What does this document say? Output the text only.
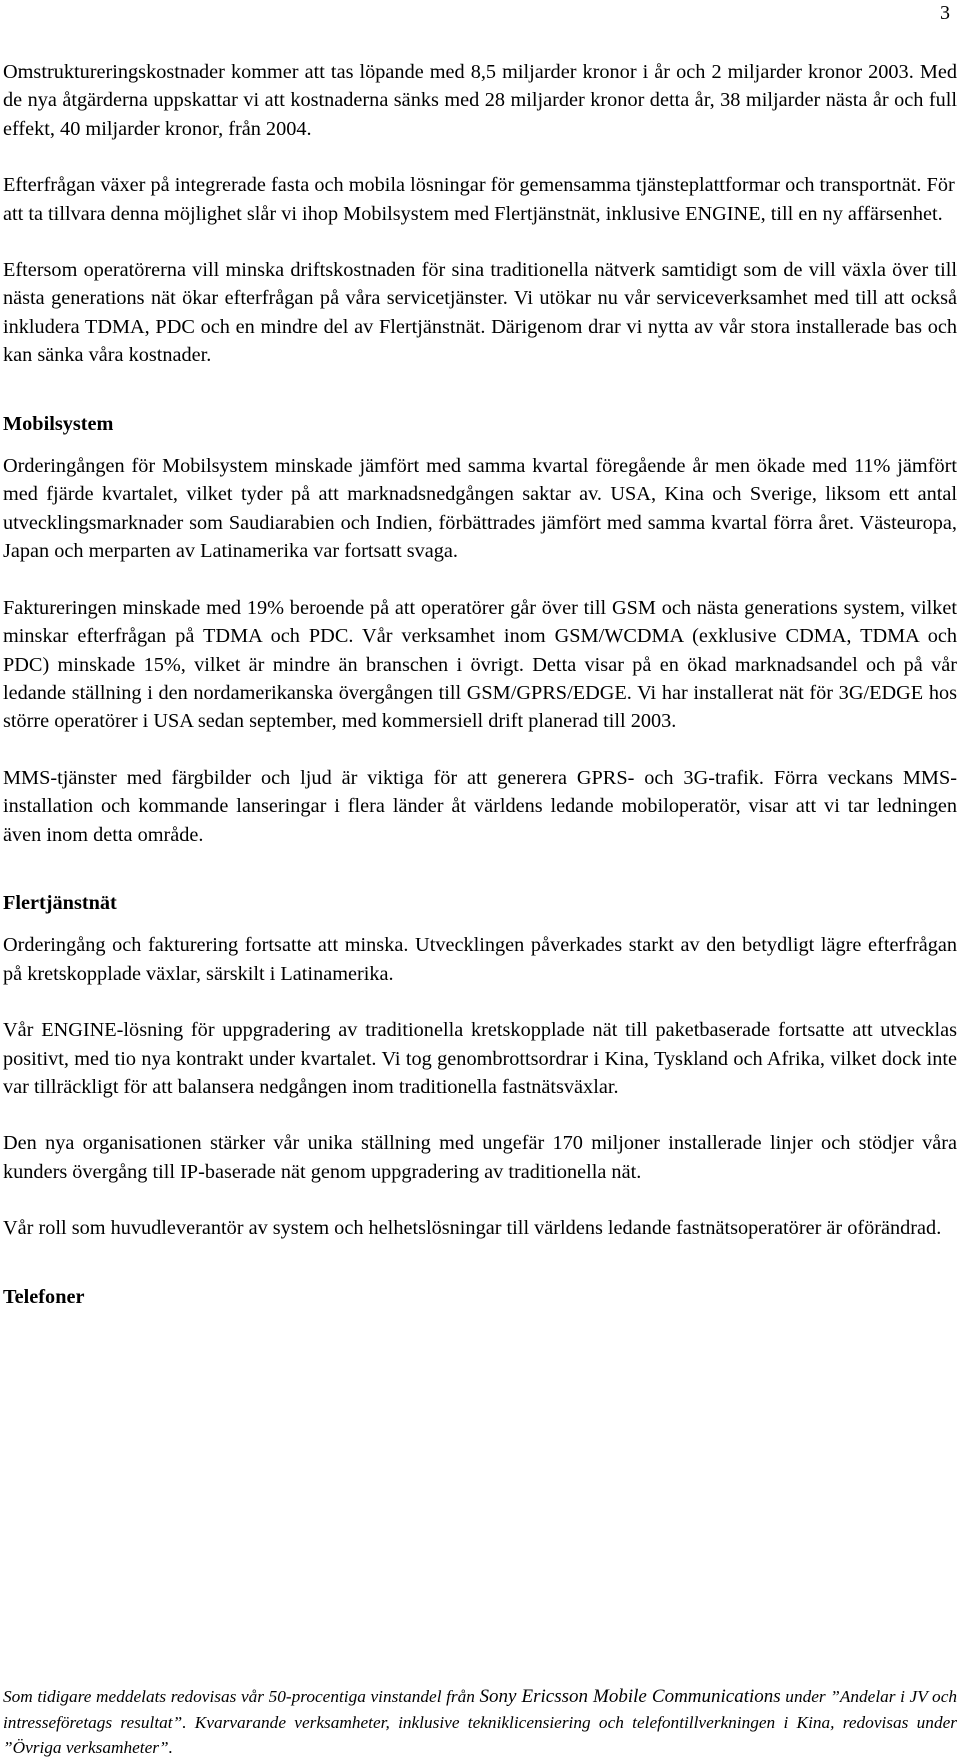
3

Omstruktureringskostnader kommer att tas löpande med 8,5 miljarder kronor i år och 2 miljarder kronor 2003. Med de nya åtgärderna uppskattar vi att kostnaderna sänks med 28 miljarder kronor detta år, 38 miljarder nästa år och full effekt, 40 miljarder kronor, från 2004.

Efterfrågan växer på integrerade fasta och mobila lösningar för gemensamma tjänsteplattformar och transportnät. För att ta tillvara denna möjlighet slår vi ihop Mobilsystem med Flertjänstnät, inklusive ENGINE, till en ny affärsenhet.

Eftersom operatörerna vill minska driftskostnaden för sina traditionella nätverk samtidigt som de vill växla över till nästa generations nät ökar efterfrågan på våra servicetjänster. Vi utökar nu vår serviceverksamhet med till att också inkludera TDMA, PDC och en mindre del av Flertjänstnät. Därigenom drar vi nytta av vår stora installerade bas och kan sänka våra kostnader.

Mobilsystem

Orderingången för Mobilsystem minskade jämfört med samma kvartal föregående år men ökade med 11% jämfört med fjärde kvartalet, vilket tyder på att marknadsnedgången saktar av. USA, Kina och Sverige, liksom ett antal utvecklingsmarknader som Saudiarabien och Indien, förbättrades jämfört med samma kvartal förra året. Västeuropa, Japan och merparten av Latinamerika var fortsatt svaga.

Faktureringen minskade med 19% beroende på att operatörer går över till GSM och nästa generations system, vilket minskar efterfrågan på TDMA och PDC. Vår verksamhet inom GSM/WCDMA (exklusive CDMA, TDMA och PDC) minskade 15%, vilket är mindre än branschen i övrigt. Detta visar på en ökad marknadsandel och på vår ledande ställning i den nordamerikanska övergången till GSM/GPRS/EDGE. Vi har installerat nät för 3G/EDGE hos större operatörer i USA sedan september, med kommersiell drift planerad till 2003.

MMS-tjänster med färgbilder och ljud är viktiga för att generera GPRS- och 3G-trafik. Förra veckans MMS-installation och kommande lanseringar i flera länder åt världens ledande mobiloperatör, visar att vi tar ledningen även inom detta område.

Flertjänstnät

Orderingång och fakturering fortsatte att minska. Utvecklingen påverkades starkt av den betydligt lägre efterfrågan på kretskopplade växlar, särskilt i Latinamerika.

Vår ENGINE-lösning för uppgradering av traditionella kretskopplade nät till paketbaserade fortsatte att utvecklas positivt, med tio nya kontrakt under kvartalet. Vi tog genombrottsordrar i Kina, Tyskland och Afrika, vilket dock inte var tillräckligt för att balansera nedgången inom traditionella fastnätsväxlar.

Den nya organisationen stärker vår unika ställning med ungefär 170 miljoner installerade linjer och stödjer våra kunders övergång till IP-baserade nät genom uppgradering av traditionella nät.

Vår roll som huvudleverantör av system och helhetslösningar till världens ledande fastnätsoperatörer är oförändrad.

Telefoner
Som tidigare meddelats redovisas vår 50-procentiga vinstandel från Sony Ericsson Mobile Communications under ”Andelar i JV och intresseföretags resultat”. Kvarvarande verksamheter, inklusive tekniklicensiering och telefontillverkningen i Kina, redovisas under ”Övriga verksamheter”.
